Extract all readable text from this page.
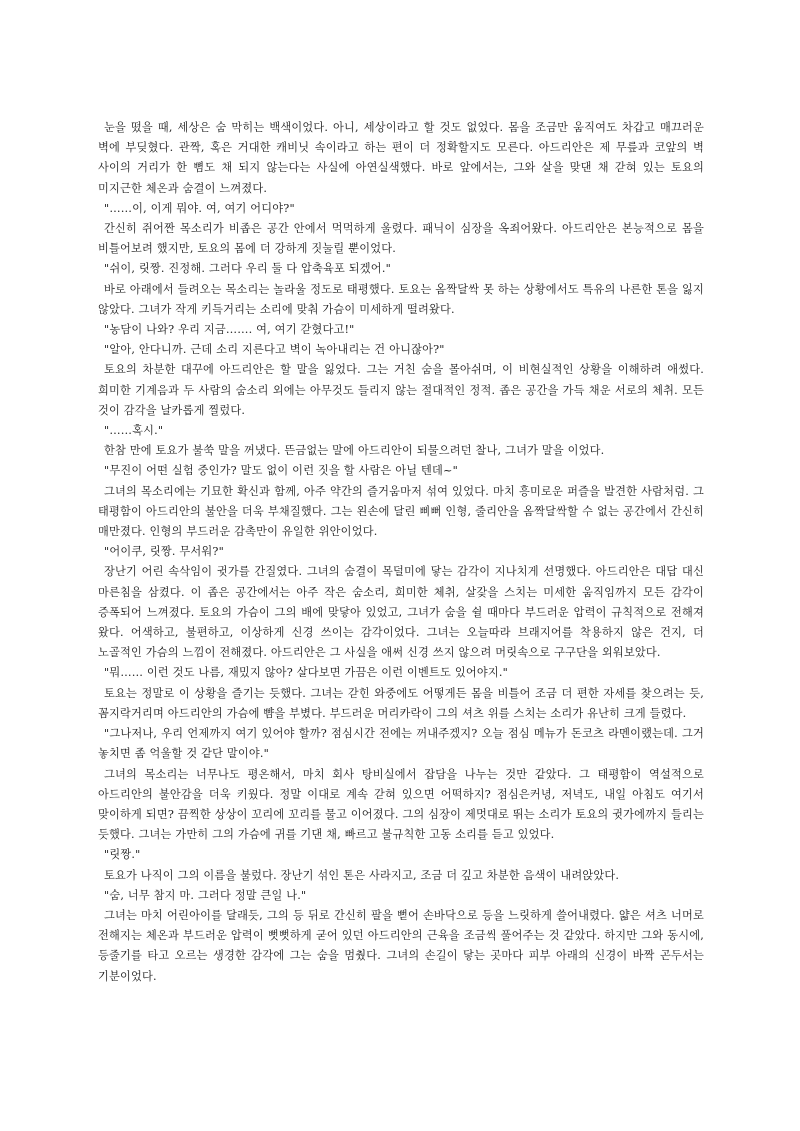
눈을 떴을 때, 세상은 숨 막히는 백색이었다. 아니, 세상이라고 할 것도 없었다. 몸을 조금만 움직여도 차갑고 매끄러운 벽에 부딪혔다. 관짝, 혹은 거대한 캐비닛 속이라고 하는 편이 더 정확할지도 모른다. 아드리안은 제 무릎과 코앞의 벽 사이의 거리가 한 뼘도 채 되지 않는다는 사실에 아연실색했다. 바로 앞에서는, 그와 살을 맞댄 채 갇혀 있는 토요의 미지근한 체온과 숨결이 느껴졌다.

"……이, 이게 뭐야. 여, 여기 어디야?"

간신히 쥐어짠 목소리가 비좁은 공간 안에서 먹먹하게 울렸다. 패닉이 심장을 옥죄어왔다. 아드리안은 본능적으로 몸을 비틀어보려 했지만, 토요의 몸에 더 강하게 짓눌릴 뿐이었다.

"쉬이, 릿짱. 진정해. 그러다 우리 둘 다 압축육포 되겠어."

바로 아래에서 들려오는 목소리는 놀라울 정도로 태평했다. 토요는 옴짝달싹 못 하는 상황에서도 특유의 나른한 톤을 잃지 않았다. 그녀가 작게 키득거리는 소리에 맞춰 가슴이 미세하게 떨려왔다.

"농담이 나와? 우리 지금……. 여, 여기 갇혔다고!"

"알아, 안다니까. 근데 소리 지른다고 벽이 녹아내리는 건 아니잖아?"

토요의 차분한 대꾸에 아드리안은 할 말을 잃었다. 그는 거친 숨을 몰아쉬며, 이 비현실적인 상황을 이해하려 애썼다. 희미한 기계음과 두 사람의 숨소리 외에는 아무것도 들리지 않는 절대적인 정적. 좁은 공간을 가득 채운 서로의 체취. 모든 것이 감각을 날카롭게 찔렀다.

"……혹시."

한참 만에 토요가 불쑥 말을 꺼냈다. 뜬금없는 말에 아드리안이 되물으려던 찰나, 그녀가 말을 이었다.

"무진이 어떤 실험 중인가? 말도 없이 이런 짓을 할 사람은 아닐 텐데~"

그녀의 목소리에는 기묘한 확신과 함께, 아주 약간의 즐거움마저 섞여 있었다. 마치 흥미로운 퍼즐을 발견한 사람처럼. 그 태평함이 아드리안의 불안을 더욱 부채질했다. 그는 왼손에 달린 삐뻐 인형, 줄리안을 옴짝달싹할 수 없는 공간에서 간신히 매만졌다. 인형의 부드러운 감촉만이 유일한 위안이었다.

"어이쿠, 릿짱. 무서워?"

장난기 어린 속삭임이 귓가를 간질였다. 그녀의 숨결이 목덜미에 닿는 감각이 지나치게 선명했다. 아드리안은 대답 대신 마른침을 삼켰다. 이 좁은 공간에서는 아주 작은 숨소리, 희미한 체취, 살갗을 스치는 미세한 움직임까지 모든 감각이 증폭되어 느껴졌다. 토요의 가슴이 그의 배에 맞닿아 있었고, 그녀가 숨을 쉴 때마다 부드러운 압력이 규칙적으로 전해져 왔다. 어색하고, 불편하고, 이상하게 신경 쓰이는 감각이었다. 그녀는 오늘따라 브래지어를 착용하지 않은 건지, 더 노골적인 가슴의 느낌이 전해졌다. 아드리안은 그 사실을 애써 신경 쓰지 않으려 머릿속으로 구구단을 외워보았다.

"뭐…… 이런 것도 나름, 재밌지 않아? 살다보면 가끔은 이런 이벤트도 있어야지."

토요는 정말로 이 상황을 즐기는 듯했다. 그녀는 갇힌 와중에도 어떻게든 몸을 비틀어 조금 더 편한 자세를 찾으려는 듯, 꼼지락거리며 아드리안의 가슴에 뺨을 부볐다. 부드러운 머리카락이 그의 셔츠 위를 스치는 소리가 유난히 크게 들렸다.

"그나저나, 우리 언제까지 여기 있어야 할까? 점심시간 전에는 꺼내주겠지? 오늘 점심 메뉴가 돈코츠 라멘이랬는데. 그거 놓치면 좀 억울할 것 같단 말이야."

그녀의 목소리는 너무나도 평온해서, 마치 회사 탕비실에서 잡담을 나누는 것만 같았다. 그 태평함이 역설적으로 아드리안의 불안감을 더욱 키웠다. 정말 이대로 계속 갇혀 있으면 어떡하지? 점심은커녕, 저녁도, 내일 아침도 여기서 맞이하게 되면? 끔찍한 상상이 꼬리에 꼬리를 물고 이어졌다. 그의 심장이 제멋대로 뛰는 소리가 토요의 귓가에까지 들리는 듯했다. 그녀는 가만히 그의 가슴에 귀를 기댄 채, 빠르고 불규칙한 고동 소리를 듣고 있었다.

"릿짱."

토요가 나직이 그의 이름을 불렀다. 장난기 섞인 톤은 사라지고, 조금 더 깊고 차분한 음색이 내려앉았다.

"숨, 너무 참지 마. 그러다 정말 큰일 나."

그녀는 마치 어린아이를 달래듯, 그의 등 뒤로 간신히 팔을 뻗어 손바닥으로 등을 느릿하게 쓸어내렸다. 얇은 셔츠 너머로 전해지는 체온과 부드러운 압력이 뻣뻣하게 굳어 있던 아드리안의 근육을 조금씩 풀어주는 것 같았다. 하지만 그와 동시에, 등줄기를 타고 오르는 생경한 감각에 그는 숨을 멈췄다. 그녀의 손길이 닿는 곳마다 피부 아래의 신경이 바짝 곤두서는 기분이었다.
